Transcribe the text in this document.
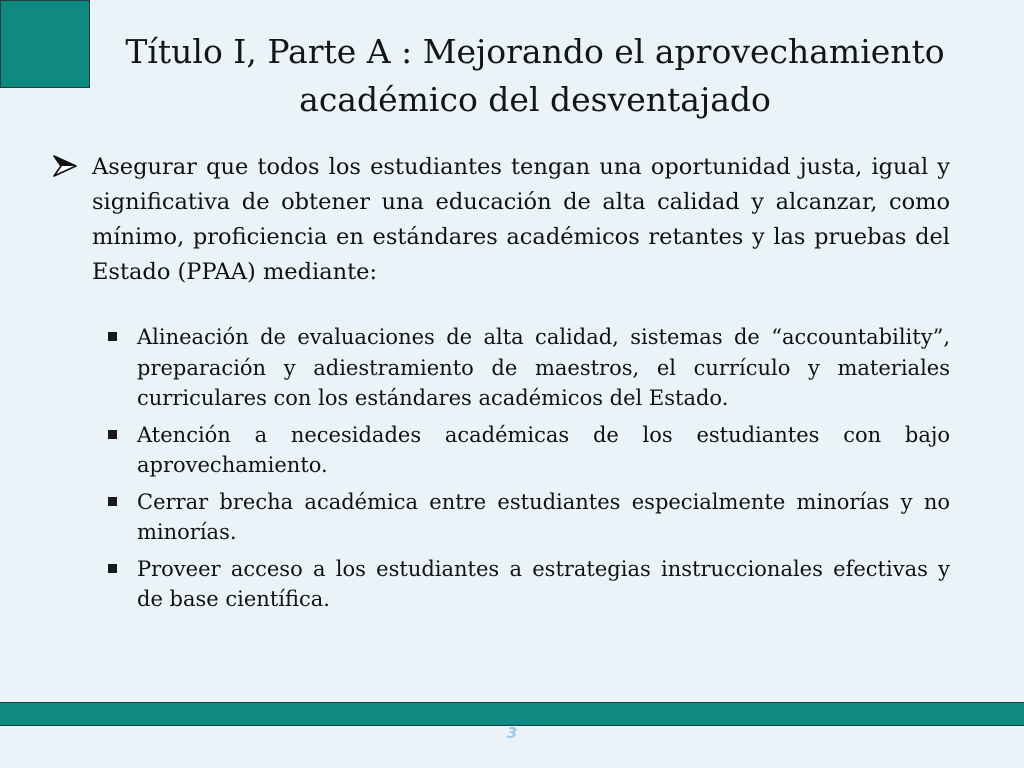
Título I, Parte A : Mejorando el aprovechamiento académico del desventajado
Asegurar que todos los estudiantes tengan una oportunidad justa, igual y significativa de obtener una educación de alta calidad y alcanzar, como mínimo, proficiencia en estándares académicos retantes y las pruebas del Estado (PPAA) mediante:
Alineación de evaluaciones de alta calidad, sistemas de “accountability”, preparación y adiestramiento de maestros, el currículo y materiales curriculares con los estándares académicos del Estado.
Atención a necesidades académicas de los estudiantes con bajo aprovechamiento.
Cerrar brecha académica entre estudiantes especialmente minorías y no minorías.
Proveer acceso a los estudiantes a estrategias instruccionales efectivas y de base científica.
3
